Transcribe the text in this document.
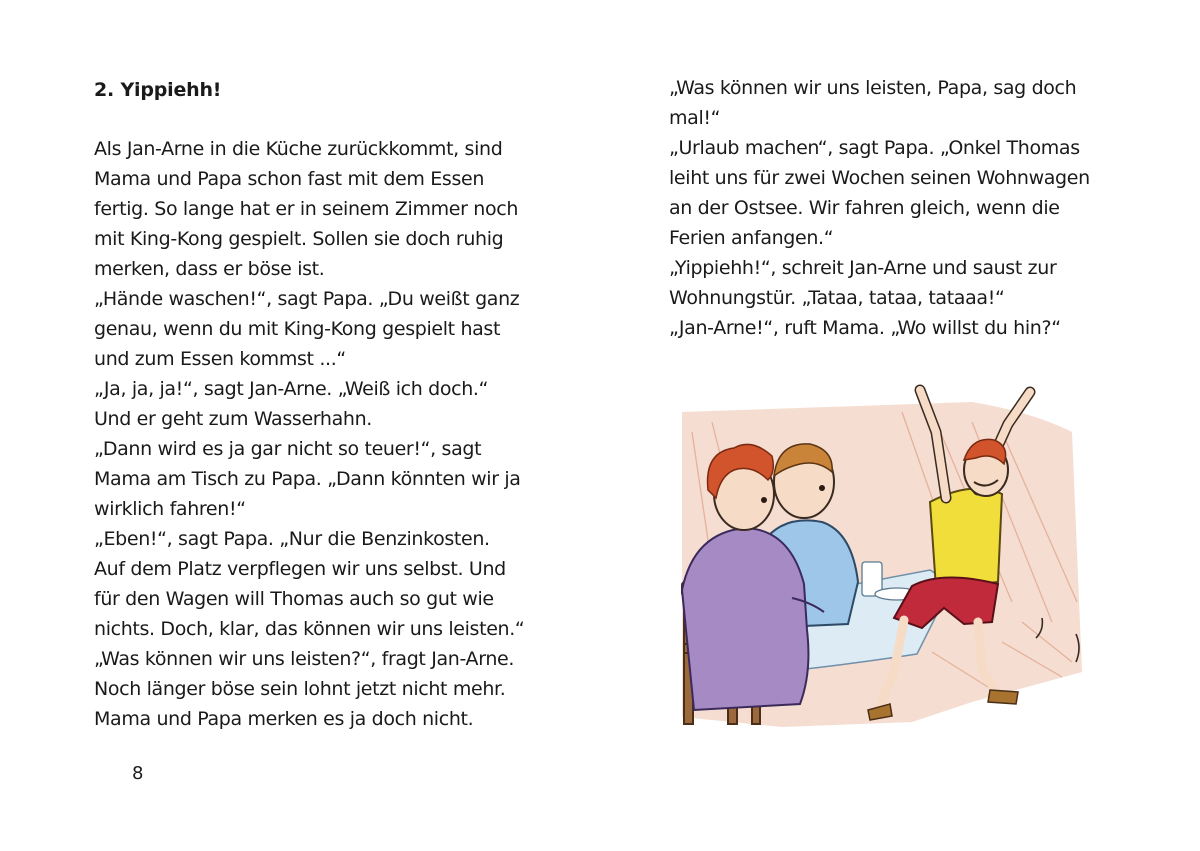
2. Yippiehh!
Als Jan-Arne in die Küche zurückkommt, sind
Mama und Papa schon fast mit dem Essen
fertig. So lange hat er in seinem Zimmer noch
mit King-Kong gespielt. Sollen sie doch ruhig
merken, dass er böse ist.
„Hände waschen!“, sagt Papa. „Du weißt ganz
genau, wenn du mit King-Kong gespielt hast
und zum Essen kommst ...“
„Ja, ja, ja!“, sagt Jan-Arne. „Weiß ich doch.“
Und er geht zum Wasserhahn.
„Dann wird es ja gar nicht so teuer!“, sagt
Mama am Tisch zu Papa. „Dann könnten wir ja
wirklich fahren!“
„Eben!“, sagt Papa. „Nur die Benzinkosten.
Auf dem Platz verpflegen wir uns selbst. Und
für den Wagen will Thomas auch so gut wie
nichts. Doch, klar, das können wir uns leisten.“
„Was können wir uns leisten?“, fragt Jan-Arne.
Noch länger böse sein lohnt jetzt nicht mehr.
Mama und Papa merken es ja doch nicht.
8
„Was können wir uns leisten, Papa, sag doch
mal!“
„Urlaub machen“, sagt Papa. „Onkel Thomas
leiht uns für zwei Wochen seinen Wohnwagen
an der Ostsee. Wir fahren gleich, wenn die
Ferien anfangen.“
„Yippiehh!“, schreit Jan-Arne und saust zur
Wohnungstür. „Tataa, tataa, tataaa!“
„Jan-Arne!“, ruft Mama. „Wo willst du hin?“
